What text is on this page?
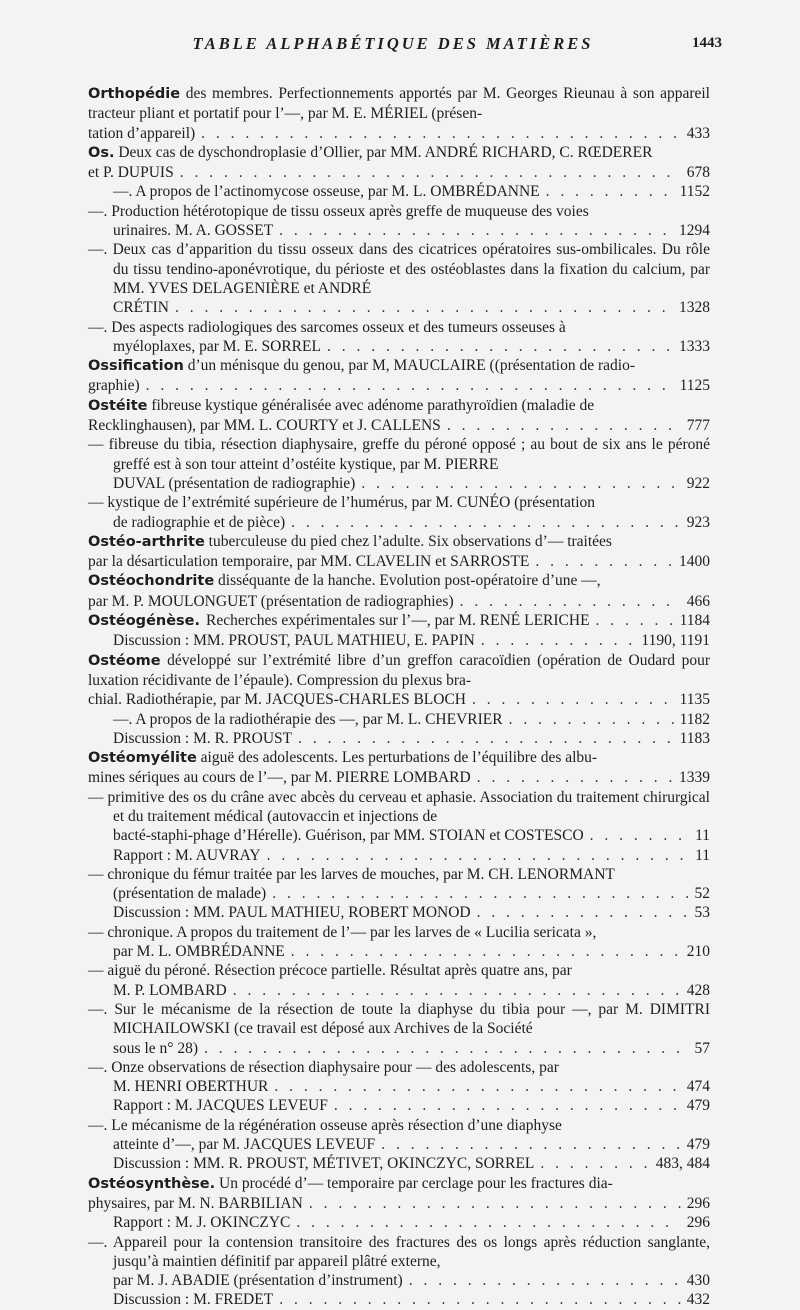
TABLE ALPHABÉTIQUE DES MATIÈRES	1443
Orthopédie des membres. Perfectionnements apportés par M. Georges Rieunau à son appareil tracteur pliant et portatif pour l’—, par M. E. MÉRIEL (présen-
tation d’appareil) . . .	433
Os. Deux cas de dyschondroplasie d’Ollier, par MM. ANDRÉ RICHARD, C. RŒDERER
et P. DUPUIS . . .	678
—. A propos de l’actinomycose osseuse, par M. L. OMBRÉDANNE . . .	1152
—. Production hétérotopique de tissu osseux après greffe de muqueuse des voies
urinaires. M. A. GOSSET . . .	1294
—. Deux cas d’apparition du tissu osseux dans des cicatrices opératoires sus-ombilicales. Du rôle du tissu tendino-aponévrotique, du périoste et des ostéoblastes dans la fixation du calcium, par MM. YVES DELAGENIÈRE et ANDRÉ
CRÉTIN . . .	1328
—. Des aspects radiologiques des sarcomes osseux et des tumeurs osseuses à
myéloplaxes, par M. E. SORREL . . .	1333
Ossification d’un ménisque du genou, par M, MAUCLAIRE ((présentation de radio-
graphie) . . .	1125
Ostéite fibreuse kystique généralisée avec adénome parathyroïdien (maladie de
Recklinghausen), par MM. L. COURTY et J. CALLENS . . .	777
— fibreuse du tibia, résection diaphysaire, greffe du péroné opposé ; au bout de six ans le péroné greffé est à son tour atteint d’ostéite kystique, par M. PIERRE
DUVAL (présentation de radiographie) . . .	922
— kystique de l’extrémité supérieure de l’humérus, par M. CUNÉO (présentation
de radiographie et de pièce) . . .	923
Ostéo-arthrite tuberculeuse du pied chez l’adulte. Six observations d’— traitées
par la désarticulation temporaire, par MM. CLAVELIN et SARROSTE . . .	1400
Ostéochondrite disséquante de la hanche. Evolution post-opératoire d’une —,
par M. P. MOULONGUET (présentation de radiographies) . . .	466
Ostéogénèse. Recherches expérimentales sur l’—, par M. RENÉ LERICHE . . .	1184
Discussion : MM. PROUST, PAUL MATHIEU, E. PAPIN . . .	1190, 1191
Ostéome développé sur l’extrémité libre d’un greffon caracoïdien (opération de Oudard pour luxation récidivante de l’épaule). Compression du plexus bra-
chial. Radiothérapie, par M. JACQUES-CHARLES BLOCH . . .	1135
—. A propos de la radiothérapie des —, par M. L. CHEVRIER . . .	1182
Discussion : M. R. PROUST . . .	1183
Ostéomyélite aiguë des adolescents. Les perturbations de l’équilibre des albu-
mines sériques au cours de l’—, par M. PIERRE LOMBARD . . .	1339
— primitive des os du crâne avec abcès du cerveau et aphasie. Association du traitement chirurgical et du traitement médical (autovaccin et injections de
bacté-staphi-phage d’Hérelle). Guérison, par MM. STOIAN et COSTESCO . . .	11
Rapport : M. AUVRAY . . .	11
— chronique du fémur traitée par les larves de mouches, par M. CH. LENORMANT
(présentation de malade) . . .	52
Discussion : MM. PAUL MATHIEU, ROBERT MONOD . . .	53
— chronique. A propos du traitement de l’— par les larves de « Lucilia sericata »,
par M. L. OMBRÉDANNE . . .	210
— aiguë du péroné. Résection précoce partielle. Résultat après quatre ans, par
M. P. LOMBARD . . .	428
—. Sur le mécanisme de la résection de toute la diaphyse du tibia pour —, par M. DIMITRI MICHAILOWSKI (ce travail est déposé aux Archives de la Société
sous le n° 28) . . .	57
—. Onze observations de résection diaphysaire pour — des adolescents, par
M. HENRI OBERTHUR . . .	474
Rapport : M. JACQUES LEVEUF . . .	479
—. Le mécanisme de la régénération osseuse après résection d’une diaphyse
atteinte d’—, par M. JACQUES LEVEUF . . .	479
Discussion : MM. R. PROUST, MÉTIVET, OKINCZYC, SORREL . . .	483, 484
Ostéosynthèse. Un procédé d’— temporaire par cerclage pour les fractures dia-
physaires, par M. N. BARBILIAN . . .	296
Rapport : M. J. OKINCZYC . . .	296
—. Appareil pour la contension transitoire des fractures des os longs après réduction sanglante, jusqu’à maintien définitif par appareil plâtré externe,
par M. J. ABADIE (présentation d’instrument) . . .	430
Discussion : M. FREDET . . .	432
